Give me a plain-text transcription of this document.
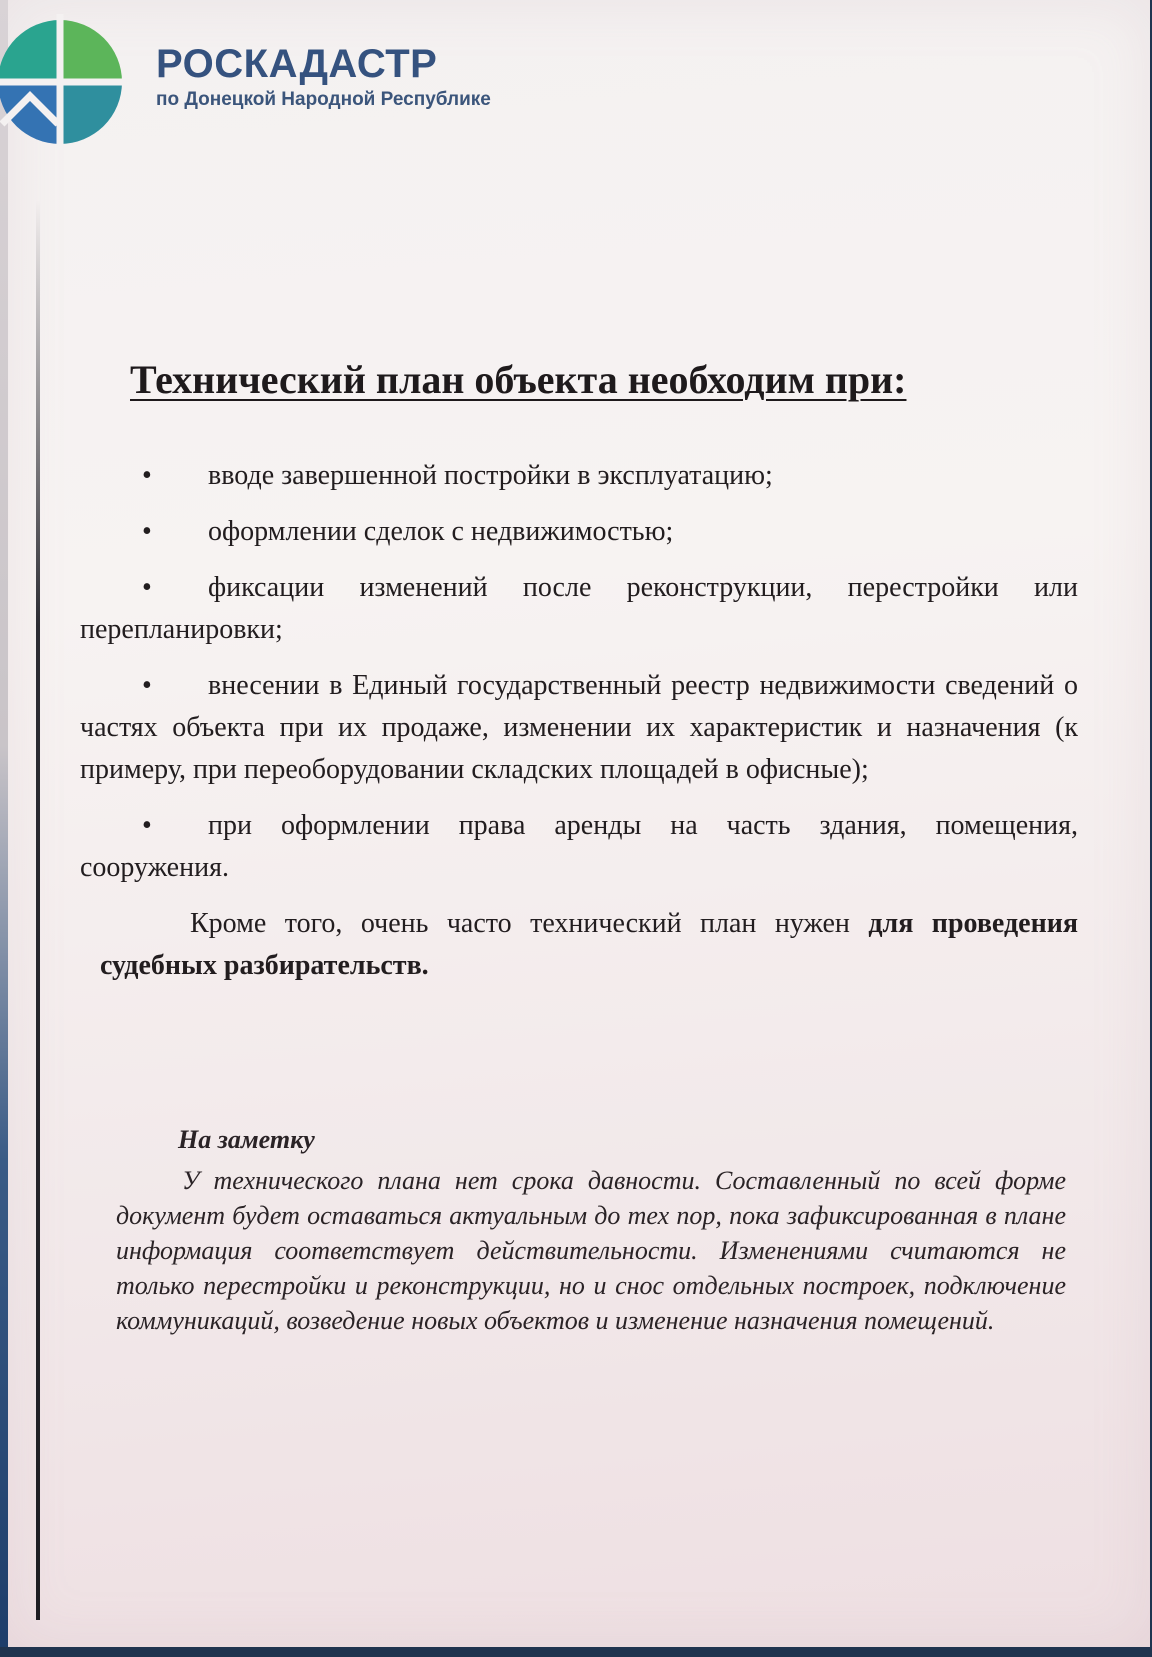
РОСКАДАСТР
по Донецкой Народной Республике
Технический план объекта необходим при:

• вводе завершенной постройки в эксплуатацию;

• оформлении сделок с недвижимостью;

• фиксации изменений после реконструкции, перестройки или перепланировки;

• внесении в Единый государственный реестр недвижимости сведений о частях объекта при их продаже, изменении их характеристик и назначения (к примеру, при переоборудовании складских площадей в офисные);

• при оформлении права аренды на часть здания, помещения, сооружения.

Кроме того, очень часто технический план нужен для проведения судебных разбирательств.

На заметку

У технического плана нет срока давности. Составленный по всей форме документ будет оставаться актуальным до тех пор, пока зафиксированная в плане информация соответствует действительности. Изменениями считаются не только перестройки и реконструкции, но и снос отдельных построек, подключение коммуникаций, возведение новых объектов и изменение назначения помещений.
